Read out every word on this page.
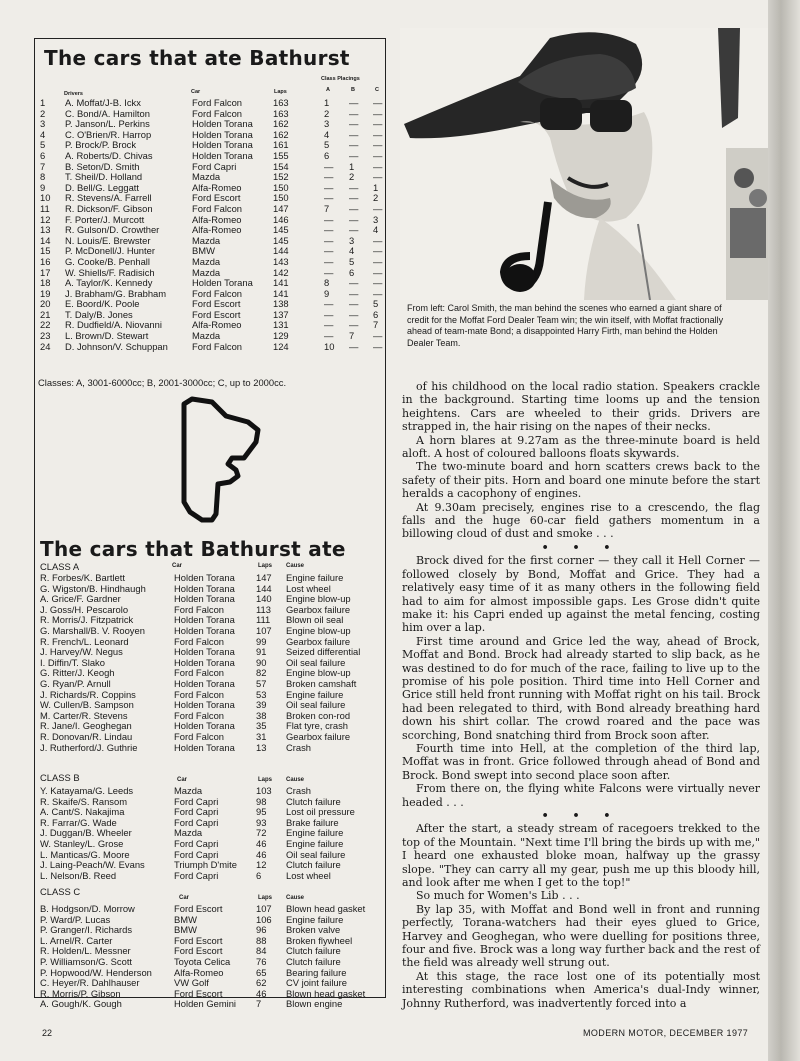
The cars that ate Bathurst
Class Placings
Drivers	Car	Laps	A	B	C
1 A. Moffat/J-B. Ickx	Ford Falcon	163	1 — —
2 C. Bond/A. Hamilton	Ford Falcon	163	2 — —
3 P. Janson/L. Perkins	Holden Torana 162	3 — —
4 C. O'Brien/R. Harrop	Holden Torana 162	4 — —
5 P. Brock/P. Brock	Holden Torana 161	5 — —
6 A. Roberts/D. Chivas	Holden Torana 155	6 — —
7 B. Seton/D. Smith	Ford Capri	154	— 1 —
8 T. Sheil/D. Holland	Mazda	152	— 2 —
9 D. Bell/G. Leggatt	Alfa-Romeo	150	— — 1
10 R. Stevens/A. Farrell	Ford Escort	150	— — 2
11 R. Dickson/F. Gibson	Ford Falcon	147	7 — —
12 F. Porter/J. Murcott	Alfa-Romeo	146	— — 3
13 R. Gulson/D. Crowther	Alfa-Romeo	145	— — 4
14 N. Louis/E. Brewster	Mazda	145	— 3 —
15 P. McDonell/J. Hunter	BMW	144	— 4 —
16 G. Cooke/B. Penhall	Mazda	143	— 5 —
17 W. Shiells/F. Radisich	Mazda	142	— 6 —
18 A. Taylor/K. Kennedy	Holden Torana 141	8 — —
19 J. Brabham/G. Brabham	Ford Falcon	141	9 — —
20 E. Boord/K. Poole	Ford Escort	138	— — 5
21 T. Daly/B. Jones	Ford Escort	137	— — 6
22 R. Dudfield/A. Niovanni	Alfa-Romeo	131	— — 7
23 L. Brown/D. Stewart	Mazda	129	— 7 —
24 D. Johnson/V. Schuppan	Ford Falcon	124	10 — —
Classes: A, 3001-6000cc; B, 2001-3000cc; C, up to 2000cc.
The cars that Bathurst ate
CLASS A	Car	Laps Cause
R. Forbes/K. Bartlett	Holden Torana 147 Engine failure
G. Wigston/B. Hindhaugh	Holden Torana 144 Lost wheel
A. Grice/F. Gardner	Holden Torana 140 Engine blow-up
J. Goss/H. Pescarolo	Ford Falcon	113 Gearbox failure
R. Morris/J. Fitzpatrick	Holden Torana 111 Blown oil seal
G. Marshall/B. V. Rooyen	Holden Torana 107 Engine blow-up
R. French/L. Leonard	Ford Falcon	99 Gearbox failure
J. Harvey/W. Negus	Holden Torana 91 Seized differential
I. Diffin/T. Slako	Holden Torana 90 Oil seal failure
G. Ritter/J. Keogh	Ford Falcon	82 Engine blow-up
G. Ryan/P. Arnull	Holden Torana 57 Broken camshaft
J. Richards/R. Coppins	Ford Falcon	53 Engine failure
W. Cullen/B. Sampson	Holden Torana 39 Oil seal failure
M. Carter/R. Stevens	Ford Falcon	38 Broken con-rod
R. Jane/I. Geoghegan	Holden Torana 35 Flat tyre, crash
R. Donovan/R. Lindau	Ford Falcon	31 Gearbox failure
J. Rutherford/J. Guthrie	Holden Torana 13 Crash
CLASS B	Car	Laps Cause
Y. Katayama/G. Leeds	Mazda	103 Crash
R. Skaife/S. Ransom	Ford Capri	98 Clutch failure
A. Cant/S. Nakajima	Ford Capri	95 Lost oil pressure
R. Farrar/G. Wade	Ford Capri	93 Brake failure
J. Duggan/B. Wheeler	Mazda	72 Engine failure
W. Stanley/L. Grose	Ford Capri	46 Engine failure
L. Manticas/G. Moore	Ford Capri	46 Oil seal failure
J. Laing-Peach/W. Evans	Triumph D'mite 12 Clutch failure
L. Nelson/B. Reed	Ford Capri	6	Lost wheel
CLASS C
Car	Laps Cause
B. Hodgson/D. Morrow	Ford Escort	107 Blown head gasket
P. Ward/P. Lucas	BMW	106 Engine failure
P. Granger/I. Richards	BMW	96 Broken valve
L. Arnel/R. Carter	Ford Escort	88 Broken flywheel
R. Holden/L. Messner	Ford Escort	84 Clutch failure
P. Williamson/G. Scott	Toyota Celica	76 Clutch failure
P. Hopwood/W. Henderson Alfa-Romeo	65 Bearing failure
C. Heyer/R. Dahlhauser	VW Golf	62 CV joint failure
R. Morris/P. Gibson	Ford Escort	46 Blown head gasket
A. Gough/K. Gough	Holden Gemini 7	Blown engine
From left: Carol Smith, the man behind the scenes who earned a giant share of credit for the Moffat Ford Dealer Team win; the win itself, with Moffat fractionally ahead of team-mate Bond; a disappointed Harry Firth, man behind the Holden Dealer Team.

of his childhood on the local radio station. Speakers crackle in the background. Starting time looms up and the tension heightens. Cars are wheeled to their grids. Drivers are strapped in, the hair rising on the napes of their necks.

A horn blares at 9.27am as the three-minute board is held aloft. A host of coloured balloons floats skywards.

The two-minute board and horn scatters crews back to the safety of their pits. Horn and board one minute before the start heralds a cacophony of engines.

At 9.30am precisely, engines rise to a crescendo, the flag falls and the huge 60-car field gathers momentum in a billowing cloud of dust and smoke . . .

• • •

Brock dived for the first corner — they call it Hell Corner — followed closely by Bond, Moffat and Grice. They had a relatively easy time of it as many others in the following field had to aim for almost impossible gaps. Les Grose didn't quite make it: his Capri ended up against the metal fencing, costing him over a lap.

First time around and Grice led the way, ahead of Brock, Moffat and Bond. Brock had already started to slip back, as he was destined to do for much of the race, failing to live up to the promise of his pole position. Third time into Hell Corner and Grice still held front running with Moffat right on his tail. Brock had been relegated to third, with Bond already breathing hard down his shirt collar. The crowd roared and the pace was scorching, Bond snatching third from Brock soon after.

Fourth time into Hell, at the completion of the third lap, Moffat was in front. Grice followed through ahead of Bond and Brock. Bond swept into second place soon after.

From there on, the flying white Falcons were virtually never headed . . .

• • •

After the start, a steady stream of racegoers trekked to the top of the Mountain. "Next time I'll bring the birds up with me," I heard one exhausted bloke moan, halfway up the grassy slope. "They can carry all my gear, push me up this bloody hill, and look after me when I get to the top!"

So much for Women's Lib . . .

By lap 35, with Moffat and Bond well in front and running perfectly, Torana-watchers had their eyes glued to Grice, Harvey and Geoghegan, who were duelling for positions three, four and five. Brock was a long way further back and the rest of the field was already well strung out.

At this stage, the race lost one of its potentially most interesting combinations when America's dual-Indy winner, Johnny Rutherford, was inadvertently forced into a

22	MODERN MOTOR, DECEMBER 1977
